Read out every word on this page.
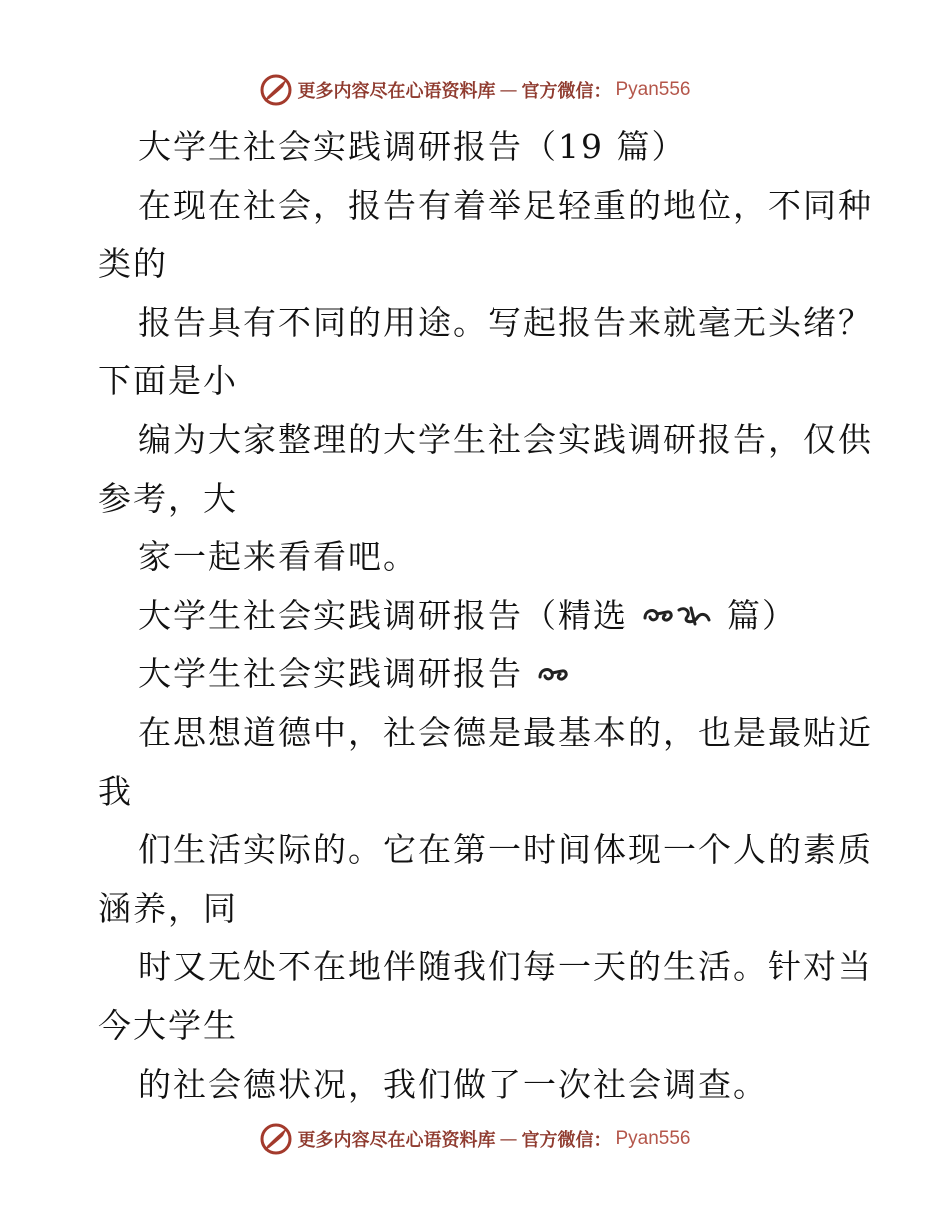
更多内容尽在心语资料库 — 官方微信： Pyan556
大学生社会实践调研报告（19 篇）
在现在社会，报告有着举足轻重的地位，不同种
类的
报告具有不同的用途。写起报告来就毫无头绪？
下面是小
编为大家整理的大学生社会实践调研报告，仅供
参考，大
家一起来看看吧。
大学生社会实践调研报告（精选	篇）
大学生社会实践调研报告
在思想道德中，社会德是最基本的，也是最贴近
我
们生活实际的。它在第一时间体现一个人的素质
涵养，同
时又无处不在地伴随我们每一天的生活。针对当
今大学生
的社会德状况，我们做了一次社会调查。
更多内容尽在心语资料库 — 官方微信： Pyan556
